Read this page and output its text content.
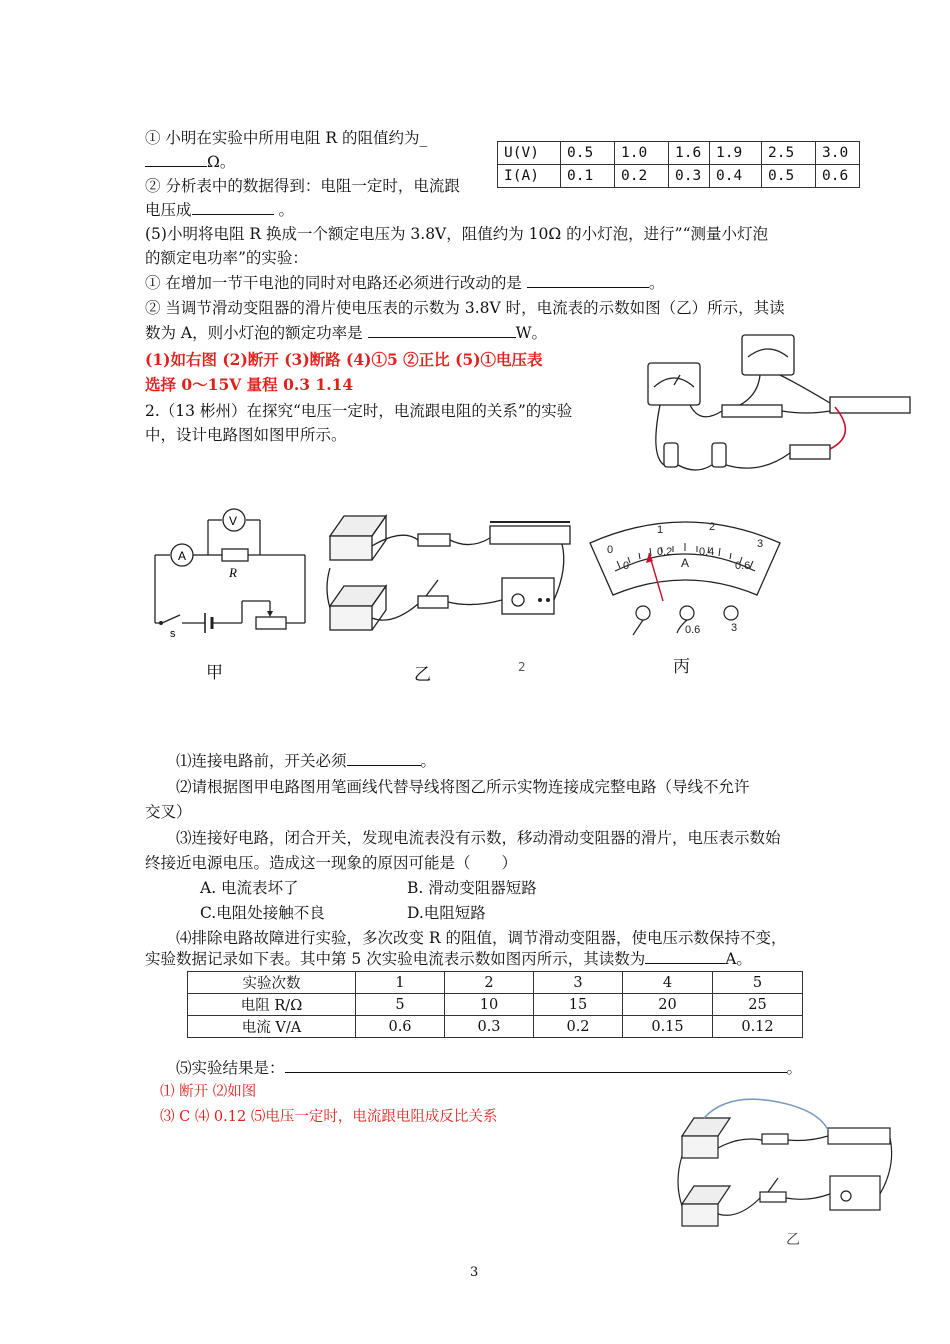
① 小明在实验中所用电阻 R 的阻值约为_
Ω。
② 分析表中的数据得到：电阻一定时，电流跟
电压成	。
U(V)	0.5	1.0	1.6	1.9	2.5	3.0
I(A)	0.1	0.2	0.3	0.4	0.5	0.6
(5)小明将电阻 R 换成一个额定电压为 3.8V，阻值约为 10Ω 的小灯泡，进行”“测量小灯泡
的额定电功率”的实验：
① 在增加一节干电池的同时对电路还必须进行改动的是	。
② 当调节滑动变阻器的滑片使电压表的示数为 3.8V 时，电流表的示数如图（乙）所示，其读
数为 A，则小灯泡的额定功率是	W。
(1)如右图 (2)断开 (3)断路 (4)①5 ②正比 (5)①电压表
选择 0～15V 量程 0.3 1.14
2.（13 彬州）在探究“电压一定时，电流跟电阻的关系”的实验
中，设计电路图如图甲所示。
A
V
R
s
甲	乙	2
1	2
3
0
0
0.2 0.4
0.6
A
0.6	3
丙
⑴连接电路前，开关必须	。
⑵请根据图甲电路图用笔画线代替导线将图乙所示实物连接成完整电路（导线不允许
交叉）
⑶连接好电路，闭合开关，发现电流表没有示数，移动滑动变阻器的滑片，电压表示数始
终接近电源电压。造成这一现象的原因可能是（　　）
A. 电流表坏了	B. 滑动变阻器短路
C.电阻处接触不良	D.电阻短路
⑷排除电路故障进行实验，多次改变 R 的阻值，调节滑动变阻器，使电压示数保持不变，
实验数据记录如下表。其中第 5 次实验电流表示数如图丙所示，其读数为	A。
实验次数	1	2	3	4	5
电阻 R/Ω	5	10	15	20	25
电流 V/A	0.6	0.3	0.2	0.15	0.12
⑸实验结果是：	。
⑴ 断开 ⑵如图
⑶ C ⑷ 0.12 ⑸电压一定时，电流跟电阻成反比关系
乙
3
